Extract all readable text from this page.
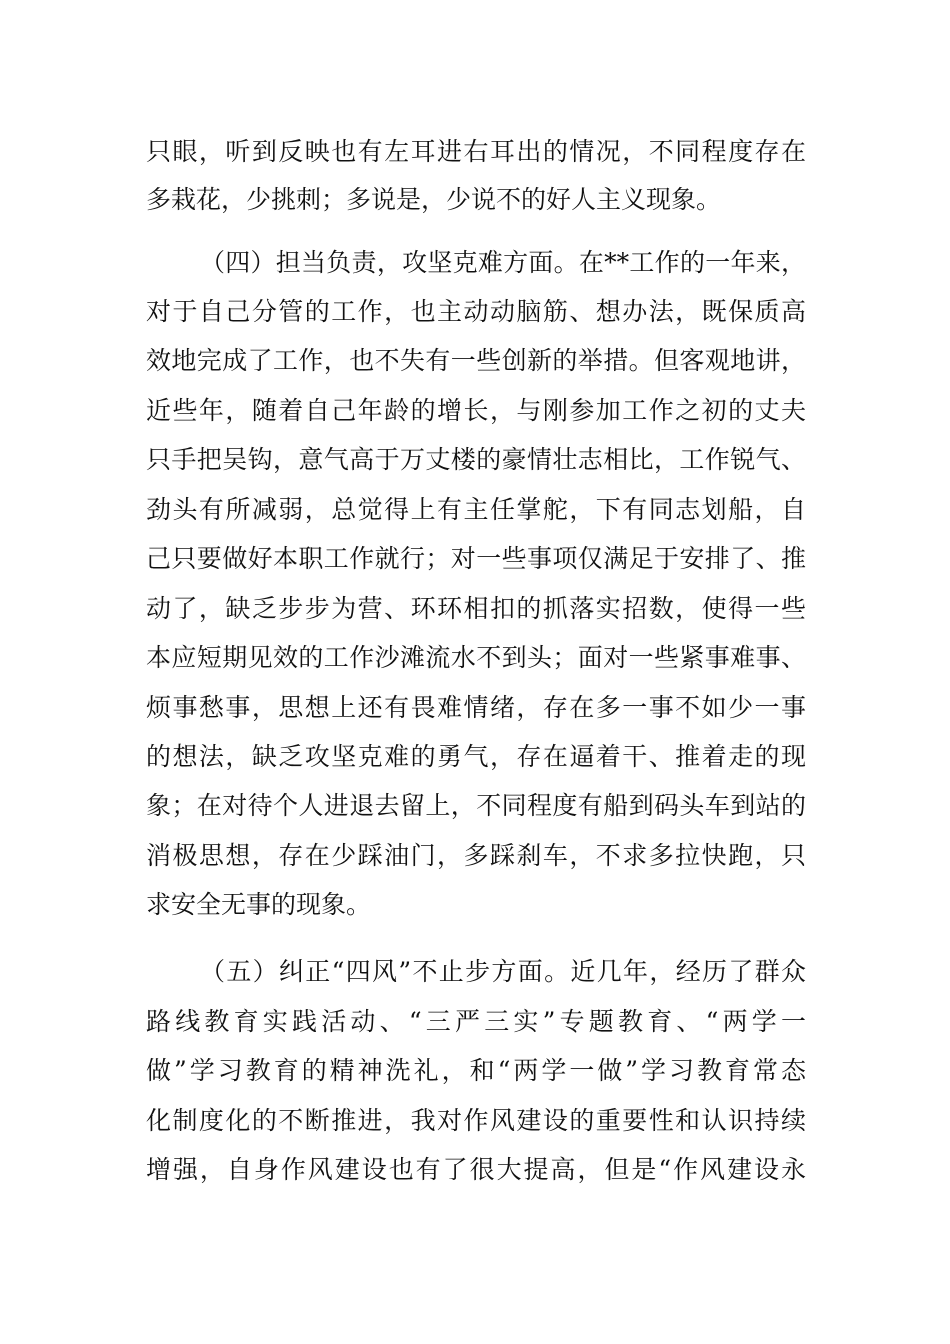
只眼，听到反映也有左耳进右耳出的情况，不同程度存在
多栽花，少挑刺；多说是，少说不的好人主义现象。
（四）担当负责，攻坚克难方面。在**工作的一年来，
对于自己分管的工作，也主动动脑筋、想办法，既保质高
效地完成了工作，也不失有一些创新的举措。但客观地讲，
近些年，随着自己年龄的增长，与刚参加工作之初的丈夫
只手把吴钩，意气高于万丈楼的豪情壮志相比，工作锐气、
劲头有所减弱，总觉得上有主任掌舵，下有同志划船，自
己只要做好本职工作就行；对一些事项仅满足于安排了、推
动了，缺乏步步为营、环环相扣的抓落实招数，使得一些
本应短期见效的工作沙滩流水不到头；面对一些紧事难事、
烦事愁事，思想上还有畏难情绪，存在多一事不如少一事
的想法，缺乏攻坚克难的勇气，存在逼着干、推着走的现
象；在对待个人进退去留上，不同程度有船到码头车到站的
消极思想，存在少踩油门，多踩刹车，不求多拉快跑，只
求安全无事的现象。
（五）纠正“四风”不止步方面。近几年，经历了群众
路线教育实践活动、“三严三实”专题教育、“两学一
做”学习教育的精神洗礼，和“两学一做”学习教育常态
化制度化的不断推进，我对作风建设的重要性和认识持续
增强，自身作风建设也有了很大提高，但是“作风建设永
